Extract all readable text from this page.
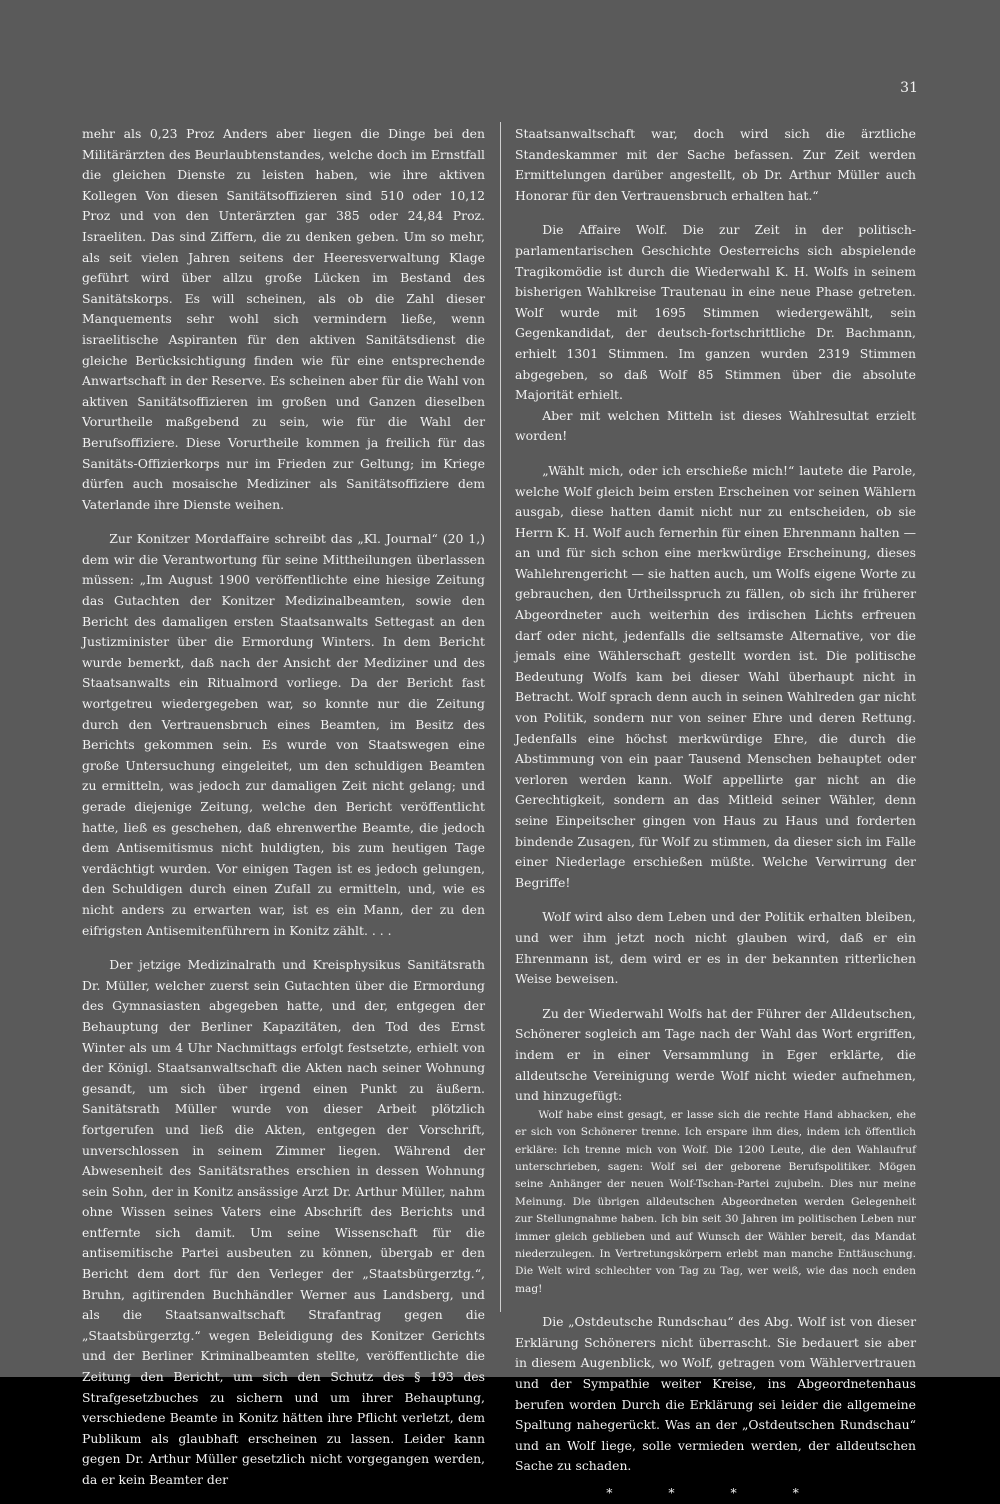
31

mehr als 0,23 Proz Anders aber liegen die Dinge bei den Militärärzten des Beurlaubtenstandes, welche doch im Ernstfall die gleichen Dienste zu leisten haben, wie ihre aktiven Kollegen Von diesen Sanitätsoffizieren sind 510 oder 10,12 Proz und von den Unterärzten gar 385 oder 24,84 Proz. Israeliten. Das sind Ziffern, die zu denken geben. Um so mehr, als seit vielen Jahren seitens der Heeresverwaltung Klage geführt wird über allzu große Lücken im Bestand des Sanitätskorps. Es will scheinen, als ob die Zahl dieser Manquements sehr wohl sich vermindern ließe, wenn israelitische Aspiranten für den aktiven Sanitätsdienst die gleiche Berücksichtigung finden wie für eine entsprechende Anwartschaft in der Reserve. Es scheinen aber für die Wahl von aktiven Sanitätsoffizieren im großen und Ganzen dieselben Vorurtheile maßgebend zu sein, wie für die Wahl der Berufsoffiziere. Diese Vorurtheile kommen ja freilich für das Sanitäts-Offizierkorps nur im Frieden zur Geltung; im Kriege dürfen auch mosaische Mediziner als Sanitätsoffiziere dem Vaterlande ihre Dienste weihen.

Zur Konitzer Mordaffaire schreibt das „Kl. Journal“ (20 1,) dem wir die Verantwortung für seine Mittheilungen überlassen müssen: „Im August 1900 veröffentlichte eine hiesige Zeitung das Gutachten der Konitzer Medizinalbeamten, sowie den Bericht des damaligen ersten Staatsanwalts Settegast an den Justizminister über die Ermordung Winters. In dem Bericht wurde bemerkt, daß nach der Ansicht der Mediziner und des Staatsanwalts ein Ritualmord vorliege. Da der Bericht fast wortgetreu wiedergegeben war, so konnte nur die Zeitung durch den Vertrauensbruch eines Beamten, im Besitz des Berichts gekommen sein. Es wurde von Staatswegen eine große Untersuchung eingeleitet, um den schuldigen Beamten zu ermitteln, was jedoch zur damaligen Zeit nicht gelang; und gerade diejenige Zeitung, welche den Bericht veröffentlicht hatte, ließ es geschehen, daß ehrenwerthe Beamte, die jedoch dem Antisemitismus nicht huldigten, bis zum heutigen Tage verdächtigt wurden. Vor einigen Tagen ist es jedoch gelungen, den Schuldigen durch einen Zufall zu ermitteln, und, wie es nicht anders zu erwarten war, ist es ein Mann, der zu den eifrigsten Antisemitenführern in Konitz zählt. . . .

Der jetzige Medizinalrath und Kreisphysikus Sanitätsrath Dr. Müller, welcher zuerst sein Gutachten über die Ermordung des Gymnasiasten abgegeben hatte, und der, entgegen der Behauptung der Berliner Kapazitäten, den Tod des Ernst Winter als um 4 Uhr Nachmittags erfolgt festsetzte, erhielt von der Königl. Staatsanwaltschaft die Akten nach seiner Wohnung gesandt, um sich über irgend einen Punkt zu äußern. Sanitätsrath Müller wurde von dieser Arbeit plötzlich fortgerufen und ließ die Akten, entgegen der Vorschrift, unverschlossen in seinem Zimmer liegen. Während der Abwesenheit des Sanitätsrathes erschien in dessen Wohnung sein Sohn, der in Konitz ansässige Arzt Dr. Arthur Müller, nahm ohne Wissen seines Vaters eine Abschrift des Berichts und entfernte sich damit. Um seine Wissenschaft für die antisemitische Partei ausbeuten zu können, übergab er den Bericht dem dort für den Verleger der „Staatsbürgerztg.“, Bruhn, agitirenden Buchhändler Werner aus Landsberg, und als die Staatsanwaltschaft Strafantrag gegen die „Staatsbürgerztg.“ wegen Beleidigung des Konitzer Gerichts und der Berliner Kriminalbeamten stellte, veröffentlichte die Zeitung den Bericht, um sich den Schutz des § 193 des Strafgesetzbuches zu sichern und um ihrer Behauptung, verschiedene Beamte in Konitz hätten ihre Pflicht verletzt, dem Publikum als glaubhaft erscheinen zu lassen. Leider kann gegen Dr. Arthur Müller gesetzlich nicht vorgegangen werden, da er kein Beamter der

Staatsanwaltschaft war, doch wird sich die ärztliche Standeskammer mit der Sache befassen. Zur Zeit werden Ermittelungen darüber angestellt, ob Dr. Arthur Müller auch Honorar für den Vertrauensbruch erhalten hat.“

Die Affaire Wolf. Die zur Zeit in der politisch-parlamentarischen Geschichte Oesterreichs sich abspielende Tragikomödie ist durch die Wiederwahl K. H. Wolfs in seinem bisherigen Wahlkreise Trautenau in eine neue Phase getreten. Wolf wurde mit 1695 Stimmen wiedergewählt, sein Gegenkandidat, der deutsch-fortschrittliche Dr. Bachmann, erhielt 1301 Stimmen. Im ganzen wurden 2319 Stimmen abgegeben, so daß Wolf 85 Stimmen über die absolute Majorität erhielt.

Aber mit welchen Mitteln ist dieses Wahlresultat erzielt worden!

„Wählt mich, oder ich erschieße mich!“ lautete die Parole, welche Wolf gleich beim ersten Erscheinen vor seinen Wählern ausgab, diese hatten damit nicht nur zu entscheiden, ob sie Herrn K. H. Wolf auch fernerhin für einen Ehrenmann halten — an und für sich schon eine merkwürdige Erscheinung, dieses Wahlehrengericht — sie hatten auch, um Wolfs eigene Worte zu gebrauchen, den Urtheilsspruch zu fällen, ob sich ihr früherer Abgeordneter auch weiterhin des irdischen Lichts erfreuen darf oder nicht, jedenfalls die seltsamste Alternative, vor die jemals eine Wählerschaft gestellt worden ist. Die politische Bedeutung Wolfs kam bei dieser Wahl überhaupt nicht in Betracht. Wolf sprach denn auch in seinen Wahlreden gar nicht von Politik, sondern nur von seiner Ehre und deren Rettung. Jedenfalls eine höchst merkwürdige Ehre, die durch die Abstimmung von ein paar Tausend Menschen behauptet oder verloren werden kann. Wolf appellirte gar nicht an die Gerechtigkeit, sondern an das Mitleid seiner Wähler, denn seine Einpeitscher gingen von Haus zu Haus und forderten bindende Zusagen, für Wolf zu stimmen, da dieser sich im Falle einer Niederlage erschießen müßte. Welche Verwirrung der Begriffe!

Wolf wird also dem Leben und der Politik erhalten bleiben, und wer ihm jetzt noch nicht glauben wird, daß er ein Ehrenmann ist, dem wird er es in der bekannten ritterlichen Weise beweisen.

Zu der Wiederwahl Wolfs hat der Führer der Alldeutschen, Schönerer sogleich am Tage nach der Wahl das Wort ergriffen, indem er in einer Versammlung in Eger erklärte, die alldeutsche Vereinigung werde Wolf nicht wieder aufnehmen, und hinzugefügt:

Wolf habe einst gesagt, er lasse sich die rechte Hand abhacken, ehe er sich von Schönerer trenne. Ich erspare ihm dies, indem ich öffentlich erkläre: Ich trenne mich von Wolf. Die 1200 Leute, die den Wahlaufruf unterschrieben, sagen: Wolf sei der geborene Berufspolitiker. Mögen seine Anhänger der neuen Wolf-Tschan-Partei zujubeln. Dies nur meine Meinung. Die übrigen alldeutschen Abgeordneten werden Gelegenheit zur Stellungnahme haben. Ich bin seit 30 Jahren im politischen Leben nur immer gleich geblieben und auf Wunsch der Wähler bereit, das Mandat niederzulegen. In Vertretungskörpern erlebt man manche Enttäuschung. Die Welt wird schlechter von Tag zu Tag, wer weiß, wie das noch enden mag!

Die „Ostdeutsche Rundschau“ des Abg. Wolf ist von dieser Erklärung Schönerers nicht überrascht. Sie bedauert sie aber in diesem Augenblick, wo Wolf, getragen vom Wählervertrauen und der Sympathie weiter Kreise, ins Abgeordnetenhaus berufen worden Durch die Erklärung sei leider die allgemeine Spaltung nahegerückt. Was an der „Ostdeutschen Rundschau“ und an Wolf liege, solle vermieden werden, der alldeutschen Sache zu schaden.

* * * *
